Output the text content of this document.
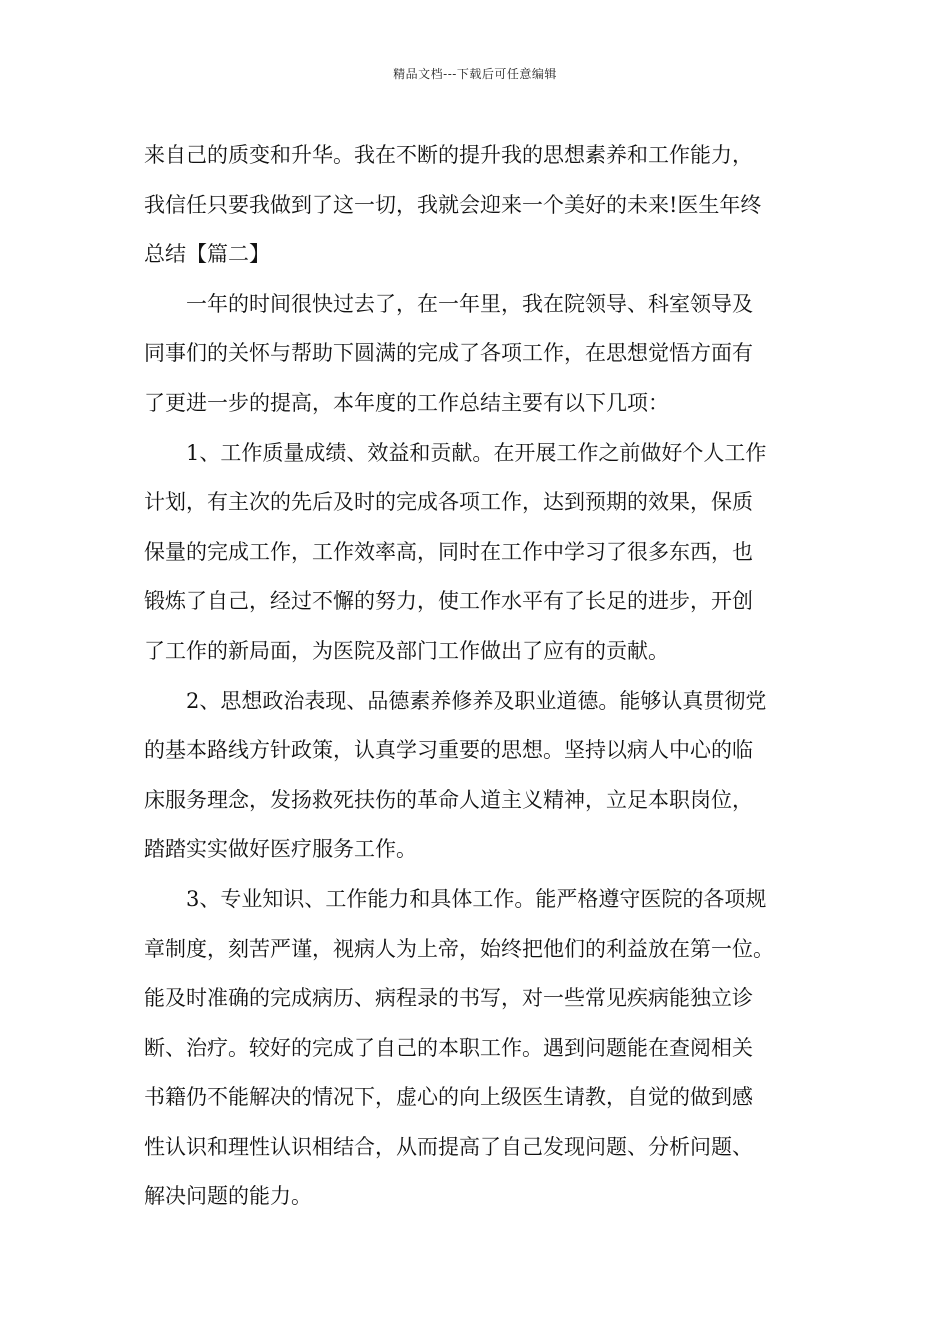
精品文档---下载后可任意编辑
来自己的质变和升华。我在不断的提升我的思想素养和工作能力，
我信任只要我做到了这一切，我就会迎来一个美好的未来!医生年终
总结【篇二】
一年的时间很快过去了，在一年里，我在院领导、科室领导及
同事们的关怀与帮助下圆满的完成了各项工作，在思想觉悟方面有
了更进一步的提高，本年度的工作总结主要有以下几项：
1、工作质量成绩、效益和贡献。在开展工作之前做好个人工作
计划，有主次的先后及时的完成各项工作，达到预期的效果，保质
保量的完成工作，工作效率高，同时在工作中学习了很多东西，也
锻炼了自己，经过不懈的努力，使工作水平有了长足的进步，开创
了工作的新局面，为医院及部门工作做出了应有的贡献。
2、思想政治表现、品德素养修养及职业道德。能够认真贯彻党
的基本路线方针政策，认真学习重要的思想。坚持以病人中心的临
床服务理念，发扬救死扶伤的革命人道主义精神，立足本职岗位，
踏踏实实做好医疗服务工作。
3、专业知识、工作能力和具体工作。能严格遵守医院的各项规
章制度，刻苦严谨，视病人为上帝，始终把他们的利益放在第一位。
能及时准确的完成病历、病程录的书写，对一些常见疾病能独立诊
断、治疗。较好的完成了自己的本职工作。遇到问题能在查阅相关
书籍仍不能解决的情况下，虚心的向上级医生请教，自觉的做到感
性认识和理性认识相结合，从而提高了自己发现问题、分析问题、
解决问题的能力。
